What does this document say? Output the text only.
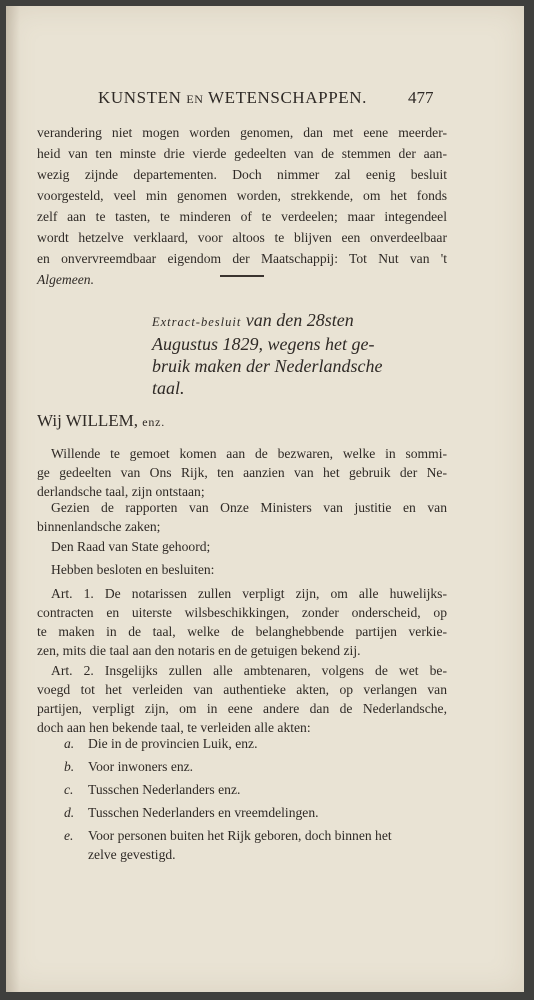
KUNSTEN EN WETENSCHAPPEN.	477
verandering niet mogen worden genomen, dan met eene meerder-
heid van ten minste drie vierde gedeelten van de stemmen der aan-
wezig zijnde departementen. Doch nimmer zal eenig besluit
voorgesteld, veel min genomen worden, strekkende, om het fonds
zelf aan te tasten, te minderen of te verdeelen; maar integendeel
wordt hetzelve verklaard, voor altoos te blijven een onverdeelbaar
en onvervreemdbaar eigendom der Maatschappij: Tot Nut van 't
Algemeen.
Extract-besluit van den 28sten
Augustus 1829, wegens het ge-
bruik maken der Nederlandsche
taal.
Wij WILLEM, enz.
Willende te gemoet komen aan de bezwaren, welke in sommi-
ge gedeelten van Ons Rijk, ten aanzien van het gebruik der Ne-
derlandsche taal, zijn ontstaan;
Gezien de rapporten van Onze Ministers van justitie en van
binnenlandsche zaken;
Den Raad van State gehoord;
Hebben besloten en besluiten:
Art. 1. De notarissen zullen verpligt zijn, om alle huwelijks-
contracten en uiterste wilsbeschikkingen, zonder onderscheid, op
te maken in de taal, welke de belanghebbende partijen verkie-
zen, mits die taal aan den notaris en de getuigen bekend zij.
Art. 2. Insgelijks zullen alle ambtenaren, volgens de wet be-
voegd tot het verleiden van authentieke akten, op verlangen van
partijen, verpligt zijn, om in eene andere dan de Nederlandsche,
doch aan hen bekende taal, te verleiden alle akten:
a. Die in de provincien Luik, enz.
b. Voor inwoners enz.
c. Tusschen Nederlanders enz.
d. Tusschen Nederlanders en vreemdelingen.
e. Voor personen buiten het Rijk geboren, doch binnen het
zelve gevestigd.
